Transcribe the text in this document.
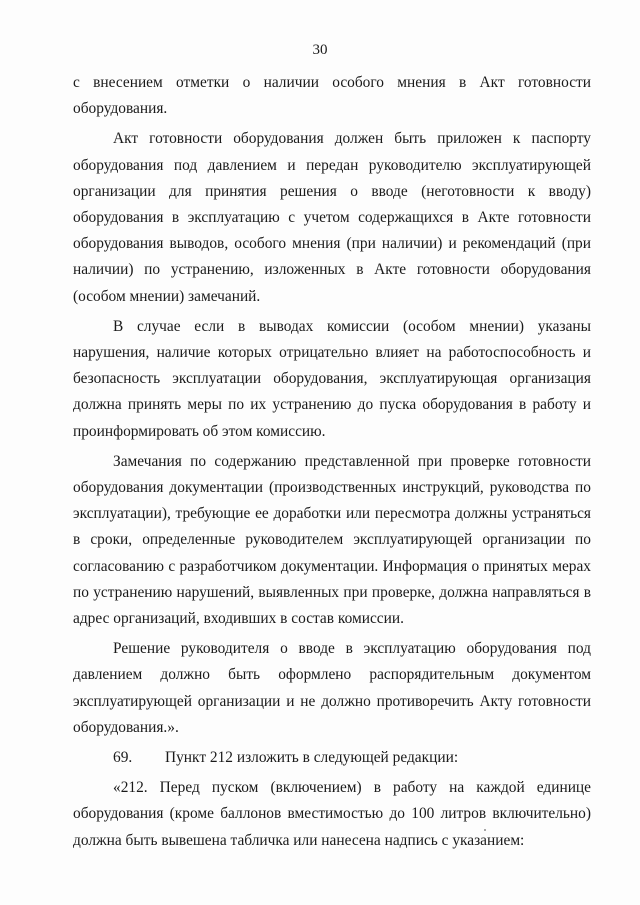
30

с внесением отметки о наличии особого мнения в Акт готовности оборудования.

Акт готовности оборудования должен быть приложен к паспорту оборудования под давлением и передан руководителю эксплуатирующей организации для принятия решения о вводе (неготовности к вводу) оборудования в эксплуатацию с учетом содержащихся в Акте готовности оборудования выводов, особого мнения (при наличии) и рекомендаций (при наличии) по устранению, изложенных в Акте готовности оборудования (особом мнении) замечаний.

В случае если в выводах комиссии (особом мнении) указаны нарушения, наличие которых отрицательно влияет на работоспособность и безопасность эксплуатации оборудования, эксплуатирующая организация должна принять меры по их устранению до пуска оборудования в работу и проинформировать об этом комиссию.

Замечания по содержанию представленной при проверке готовности оборудования документации (производственных инструкций, руководства по эксплуатации), требующие ее доработки или пересмотра должны устраняться в сроки, определенные руководителем эксплуатирующей организации по согласованию с разработчиком документации. Информация о принятых мерах по устранению нарушений, выявленных при проверке, должна направляться в адрес организаций, входивших в состав комиссии.

Решение руководителя о вводе в эксплуатацию оборудования под давлением должно быть оформлено распорядительным документом эксплуатирующей организации и не должно противоречить Акту готовности оборудования.».

69. Пункт 212 изложить в следующей редакции:

«212. Перед пуском (включением) в работу на каждой единице оборудования (кроме баллонов вместимостью до 100 литров включительно) должна быть вывешена табличка или нанесена надпись с указанием:
